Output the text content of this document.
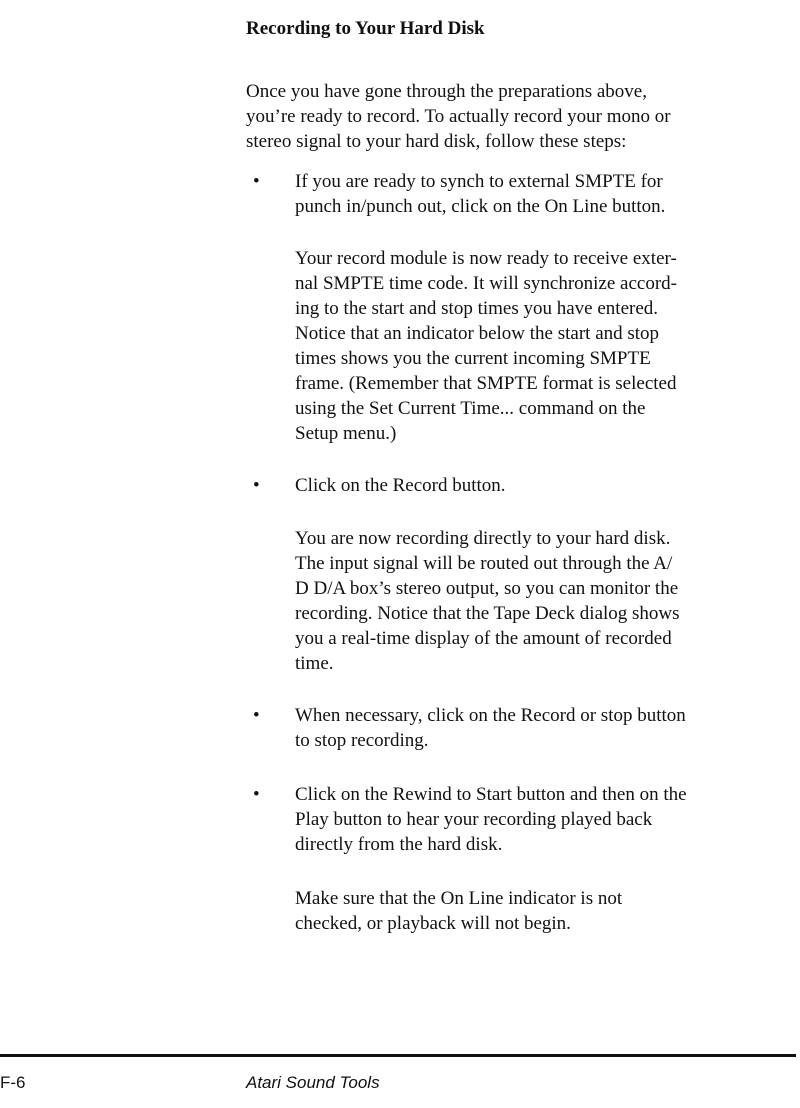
Recording to Your Hard Disk
Once you have gone through the preparations above,
you’re ready to record. To actually record your mono or
stereo signal to your hard disk, follow these steps:
• If you are ready to synch to external SMPTE for
punch in/punch out, click on the On Line button.
Your record module is now ready to receive exter-
nal SMPTE time code. It will synchronize accord-
ing to the start and stop times you have entered.
Notice that an indicator below the start and stop
times shows you the current incoming SMPTE
frame. (Remember that SMPTE format is selected
using the Set Current Time... command on the
Setup menu.)
• Click on the Record button.
You are now recording directly to your hard disk.
The input signal will be routed out through the A/
D D/A box’s stereo output, so you can monitor the
recording. Notice that the Tape Deck dialog shows
you a real-time display of the amount of recorded
time.
• When necessary, click on the Record or stop button
to stop recording.
• Click on the Rewind to Start button and then on the
Play button to hear your recording played back
directly from the hard disk.
Make sure that the On Line indicator is not
checked, or playback will not begin.
F-6	Atari Sound Tools
